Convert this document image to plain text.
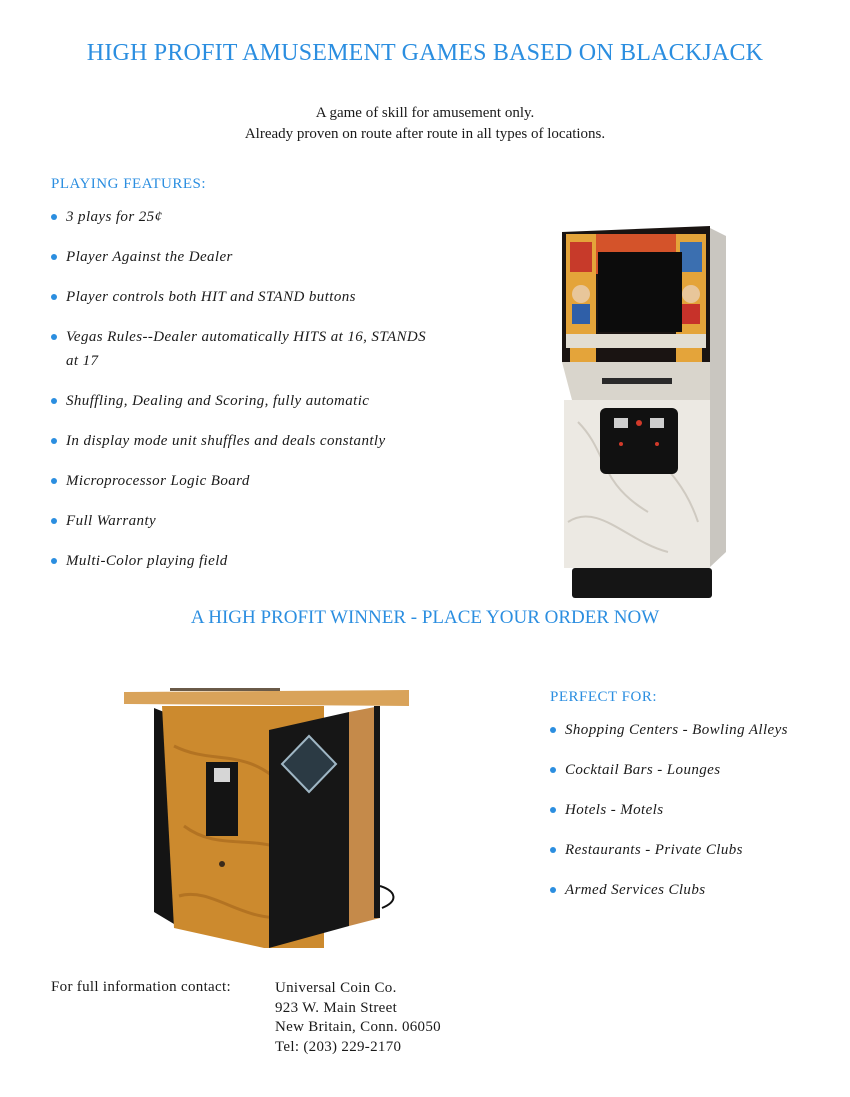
HIGH PROFIT AMUSEMENT GAMES BASED ON BLACKJACK
A game of skill for amusement only.
Already proven on route after route in all types of locations.
PLAYING FEATURES:
3 plays for 25¢
Player Against the Dealer
Player controls both HIT and STAND buttons
Vegas Rules--Dealer automatically HITS at 16, STANDS
at 17
Shuffling, Dealing and Scoring, fully automatic
In display mode unit shuffles and deals constantly
Microprocessor Logic Board
Full Warranty
Multi-Color playing field
A HIGH PROFIT WINNER - PLACE YOUR ORDER NOW
PERFECT FOR:
Shopping Centers - Bowling Alleys
Cocktail Bars - Lounges
Hotels - Motels
Restaurants - Private Clubs
Armed Services Clubs
For full information contact:	Universal Coin Co.
923 W. Main Street
New Britain, Conn. 06050
Tel: (203) 229-2170
